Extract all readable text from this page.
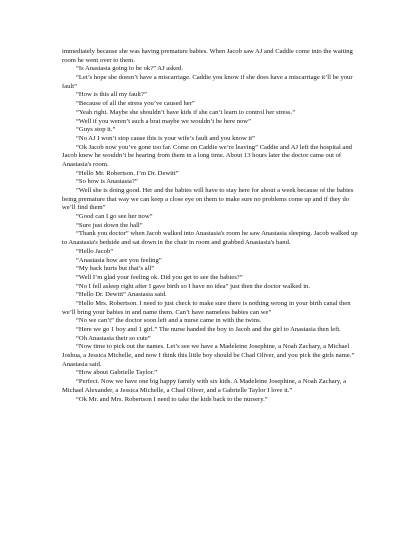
immediately because she was having premature babies. When Jacob saw AJ and Caddie come into the waiting room he went over to them.

“Is Anastasia going to be ok?” AJ asked.

“Let’s hope she doesn’t have a miscarriage. Caddie you know if she does have a miscarriage it’ll be your fault”

“How is this all my fault?”

“Because of all the stress you’ve caused her”

“Yeah right. Maybe she shouldn’t have kids if she can’t learn to control her stress.”

“Well if you weren’t such a brat maybe we wouldn’t be here now”

“Guys stop it.”

“No AJ I won’t stop cause this is your wife’s fault and you know it”

“Ok Jacob now you’ve gone too far. Come on Caddie we’re leaving” Caddie and AJ left the hospital and Jacob knew he wouldn’t be hearing from them in a long time. About 13 hours later the doctor came out of Anastasia's room.

“Hello Mr. Robertson. I’m Dr. Dewitt”

“So how is Anastasia?”

“Well she is doing good. Her and the babies will have to stay here for about a week because of the babies being premature that way we can keep a close eye on them to make sure no problems come up and if they do we’ll find them”

“Good can I go see her now”

“Sure just down the hall”

“Thank you doctor” when Jacob walked into Anastasia's room he saw Anastasia sleeping. Jacob walked up to Anastasia's bedside and sat down in the chair in room and grabbed Anastasia's hand.

“Hello Jacob”

“Anastasia how are you feeling”

“My back hurts but that’s all”

“Well I’m glad your feeling ok. Did you get to see the babies?”

“No I fell asleep right after I gave birth so I have no idea” just then the doctor walked in.

“Hello Dr. Dewitt” Anastasia said.

“Hello Mrs. Robertson. I need to just check to make sure there is nothing wrong in your birth canal then we’ll bring your babies in and name them. Can’t have nameless babies can we”

“No we can’t” the doctor soon left and a nurse came in with the twins.

“Here we go 1 boy and 1 girl.” The nurse handed the boy to Jacob and the girl to Anastasia then left.

“Oh Anastasia their so cute”

“Now time to pick out the names. Let’s see we have a Madeleine Josephine, a Noah Zachary, a Michael Joshua, a Jessica Michelle, and now I think this little boy should be Chad Oliver, and you pick the girls name.” Anastasia said.

“How about Gabrielle Taylor.”

“Perfect. Now we have one big happy family with six kids. A Madeleine Josephine, a Noah Zachary, a Michael Alexander, a Jessica Michelle, a Chad Oliver, and a Gabrielle Taylor I love it.”

“Ok Mr. and Mrs. Robertson I need to take the kids back to the nursery.”
